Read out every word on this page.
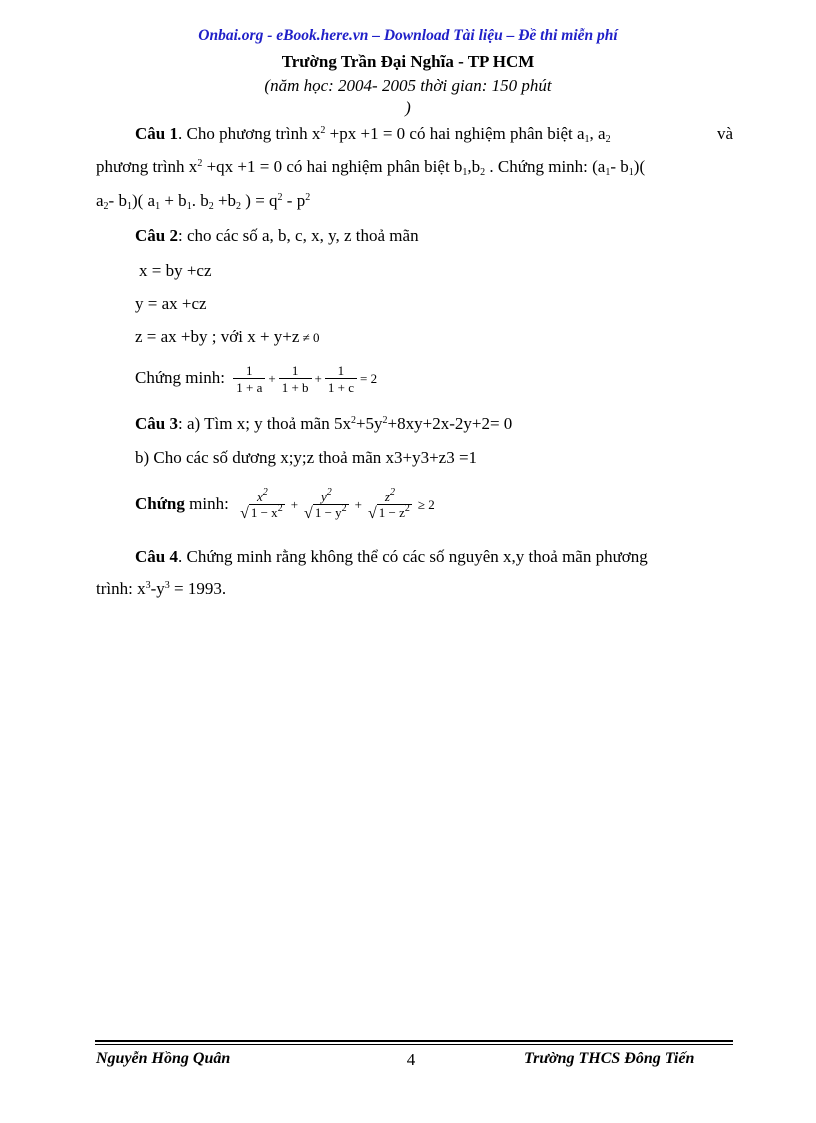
Onbai.org - eBook.here.vn – Download Tài liệu – Đề thi miễn phí
Trường Trần Đại Nghĩa - TP HCM
(năm học: 2004- 2005 thời gian: 150 phút
)
Câu 1. Cho phương trình $x^2 +px +1 = 0$ có hai nghiệm phân biệt $a_1$, $a_2$	và
phương trình $x^2 +qx +1 = 0$ có hai nghiệm phân biệt $b_1,b_2$ . Chứng minh: ($a_1-$ $b_1$)(
$a_2-$ $b_1$)( $a_1 + b_1$. $b_2 +b_2$ ) = $q^2 - p^2$
Câu 2: cho các số a, b, c, x, y, z thoả mãn
x = by +cz
y = ax +cz
z = ax +by ; với x + y+z ≠ 0
Chứng minh: $\frac{1}{1 + a} + \frac{1}{1 + b} + \frac{1}{1 + c} = 2$
Câu 3: a) Tìm x; y thoả mãn $5x^2+5y^2+8xy+2x-2y+2= 0$
b) Cho các số dương x;y;z thoả mãn x3+y3+z3 =1
Chứng minh:	$x^2$
√ $1 - x^2$ +
$y^2$
√ $1 - y^2$ +
$z^2$
√ $1 - z^2 \ge 2$
Câu 4. Chứng minh rằng không thể có các số nguyên x,y thoả mãn phương
trình: $x^3-y^3 = 1993$.
Nguyễn Hồng Quân	4	Trường THCS Đông Tiến
